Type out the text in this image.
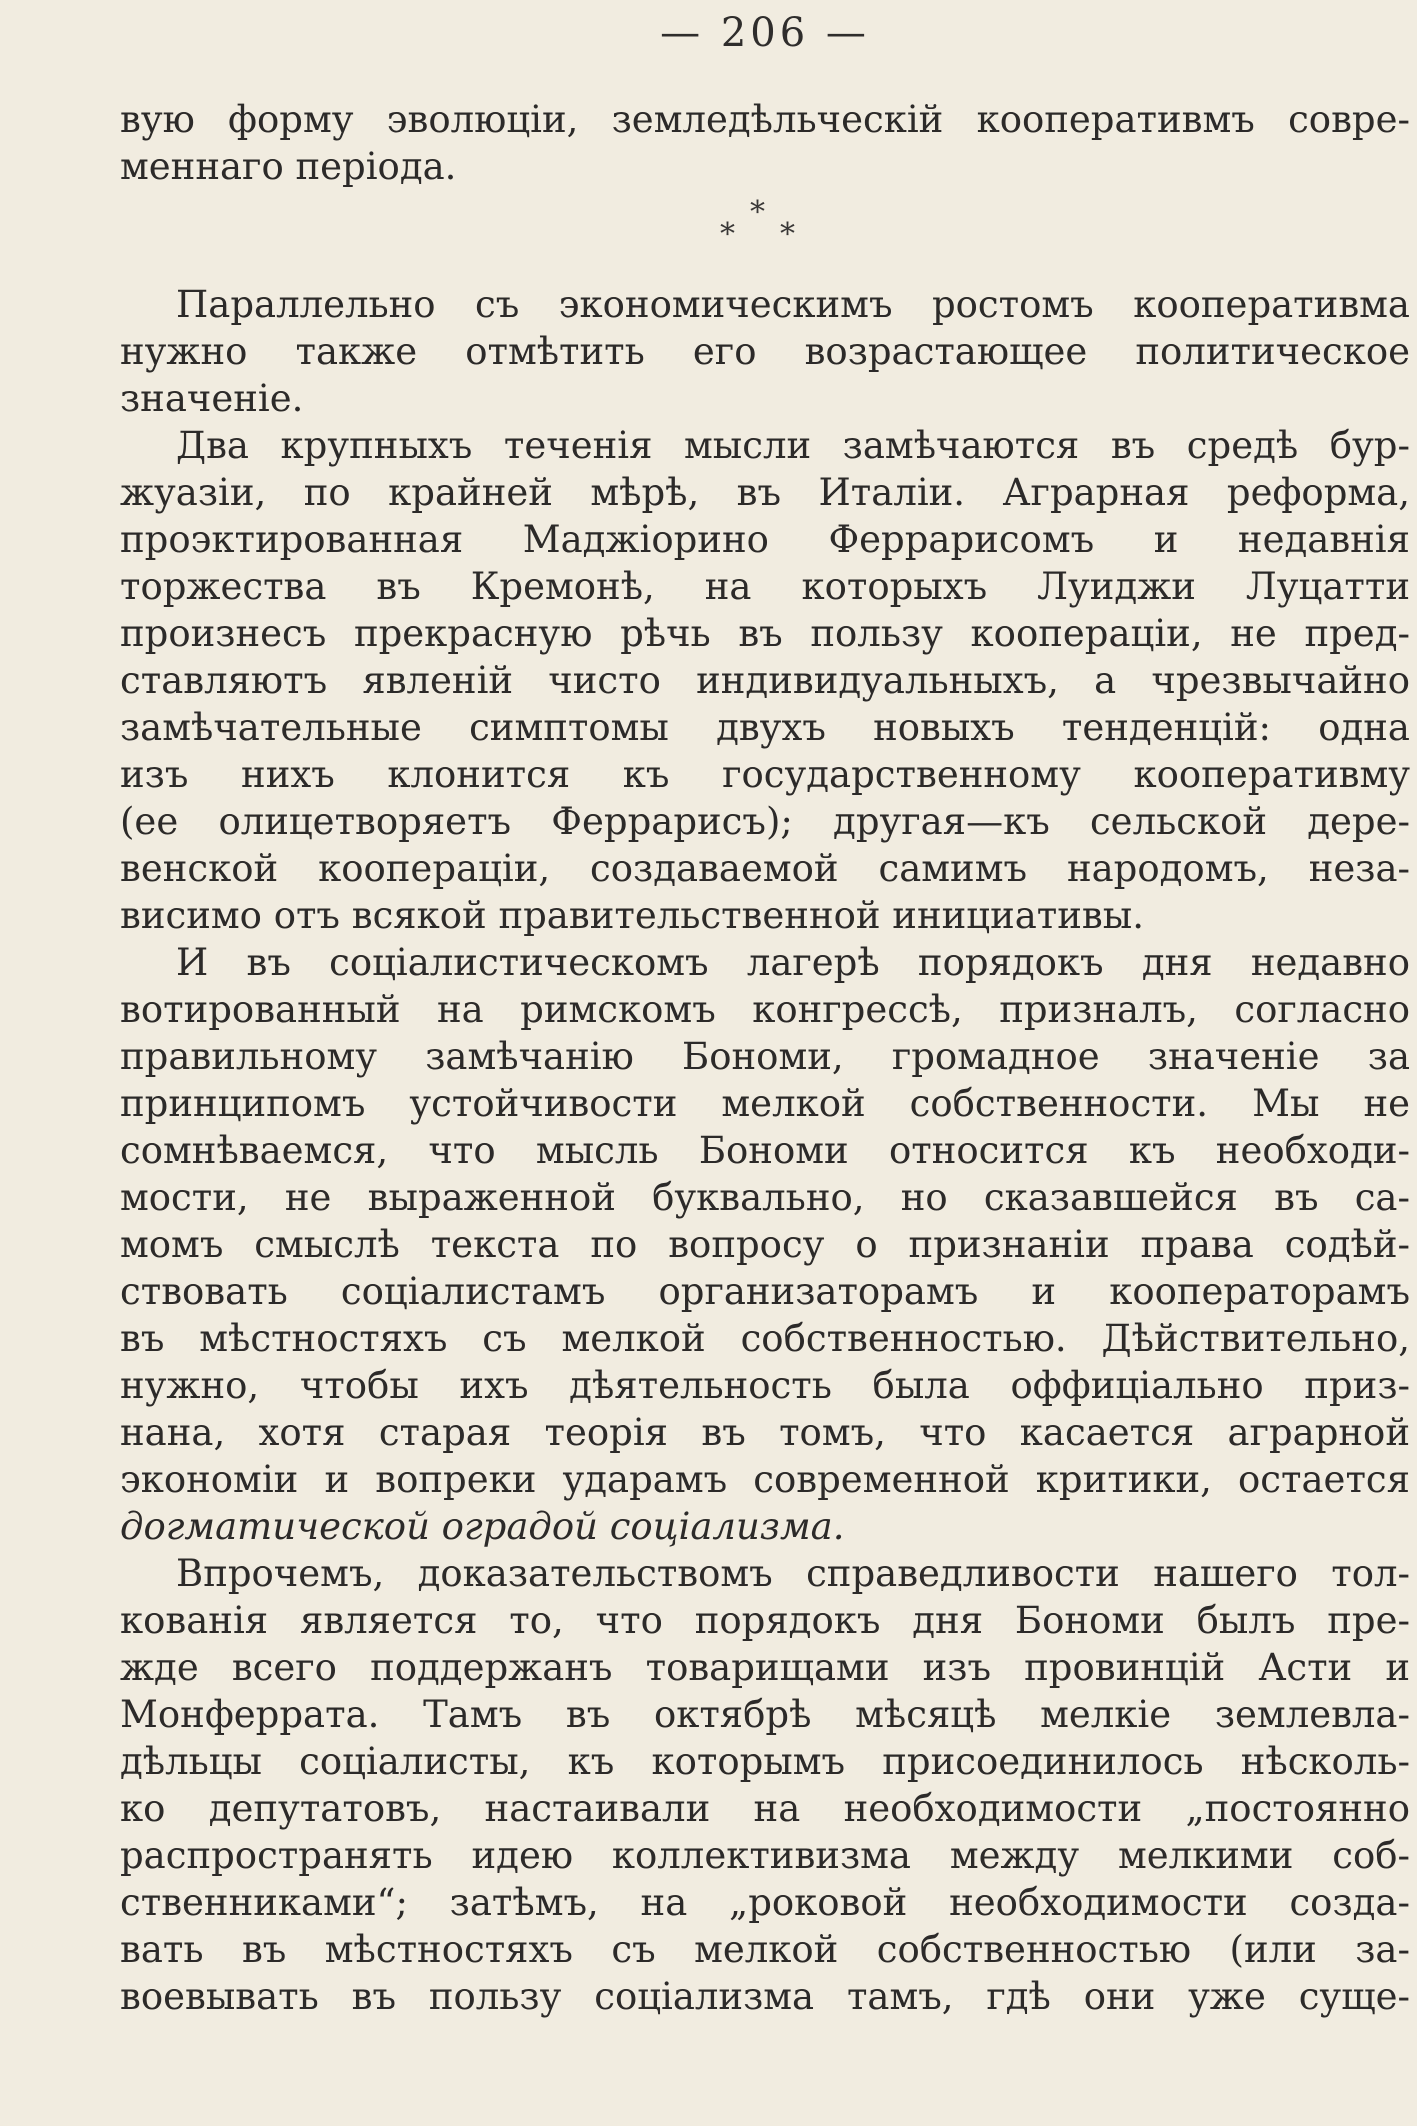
— 206 —
вую форму эволюціи, земледѣльческій кооперативмъ совре-
меннаго періода.
*
* *
Параллельно съ экономическимъ ростомъ кооперативма
нужно также отмѣтить его возрастающее политическое
значеніе.
Два крупныхъ теченія мысли замѣчаются въ средѣ бур-
жуазіи, по крайней мѣрѣ, въ Италіи. Аграрная реформа,
проэктированная Маджіорино Феррарисомъ и недавнія
торжества въ Кремонѣ, на которыхъ Луиджи Луцатти
произнесъ прекрасную рѣчь въ пользу коопераціи, не пред-
ставляютъ явленій чисто индивидуальныхъ, а чрезвычайно
замѣчательные симптомы двухъ новыхъ тенденцій: одна
изъ нихъ клонится къ государственному кооперативму
(ее олицетворяетъ Феррарисъ); другая—къ сельской дере-
венской коопераціи, создаваемой самимъ народомъ, неза-
висимо отъ всякой правительственной инициативы.
И въ соціалистическомъ лагерѣ порядокъ дня недавно
вотированный на римскомъ конгрессѣ, призналъ, согласно
правильному замѣчанію Бономи, громадное значеніе за
принципомъ устойчивости мелкой собственности. Мы не
сомнѣваемся, что мысль Бономи относится къ необходи-
мости, не выраженной буквально, но сказавшейся въ са-
момъ смыслѣ текста по вопросу о признаніи права содѣй-
ствовать соціалистамъ организаторамъ и кооператорамъ
въ мѣстностяхъ съ мелкой собственностью. Дѣйствительно,
нужно, чтобы ихъ дѣятельность была оффиціально приз-
нана, хотя старая теорія въ томъ, что касается аграрной
экономіи и вопреки ударамъ современной критики, остается
догматической оградой соціализма.
Впрочемъ, доказательствомъ справедливости нашего тол-
кованія является то, что порядокъ дня Бономи былъ пре-
жде всего поддержанъ товарищами изъ провинцій Асти и
Монферрата. Тамъ въ октябрѣ мѣсяцѣ мелкіе землевла-
дѣльцы соціалисты, къ которымъ присоединилось нѣсколь-
ко депутатовъ, настаивали на необходимости „постоянно
распространять идею коллективизма между мелкими соб-
ственниками“; затѣмъ, на „роковой необходимости созда-
вать въ мѣстностяхъ съ мелкой собственностью (или за-
воевывать въ пользу соціализма тамъ, гдѣ они уже суще-
